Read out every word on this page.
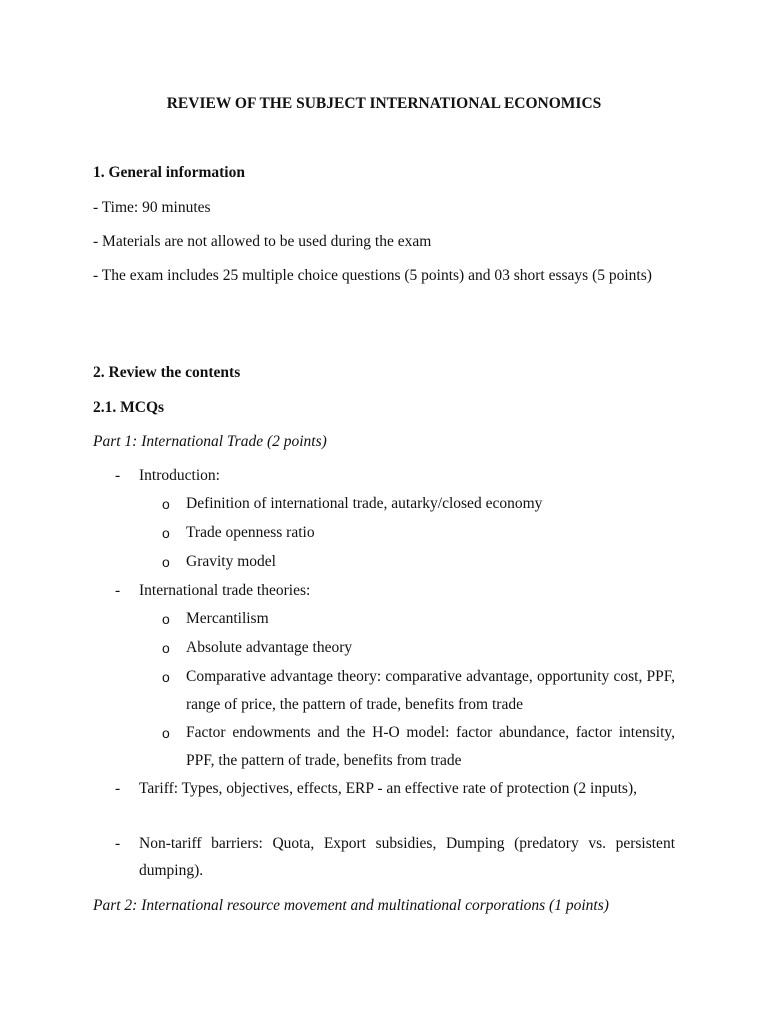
REVIEW OF THE SUBJECT INTERNATIONAL ECONOMICS
1. General information
- Time: 90 minutes
- Materials are not allowed to be used during the exam
- The exam includes 25 multiple choice questions (5 points) and 03 short essays (5 points)
2. Review the contents
2.1. MCQs
Part 1: International Trade (2 points)
- Introduction:
o Definition of international trade, autarky/closed economy
o Trade openness ratio
o Gravity model
- International trade theories:
o Mercantilism
o Absolute advantage theory
o Comparative advantage theory: comparative advantage, opportunity cost, PPF, range of price, the pattern of trade, benefits from trade
o Factor endowments and the H-O model: factor abundance, factor intensity, PPF, the pattern of trade, benefits from trade
- Tariff: Types, objectives, effects, ERP - an effective rate of protection (2 inputs),
- Non-tariff barriers: Quota, Export subsidies, Dumping (predatory vs. persistent dumping).
Part 2: International resource movement and multinational corporations (1 points)
